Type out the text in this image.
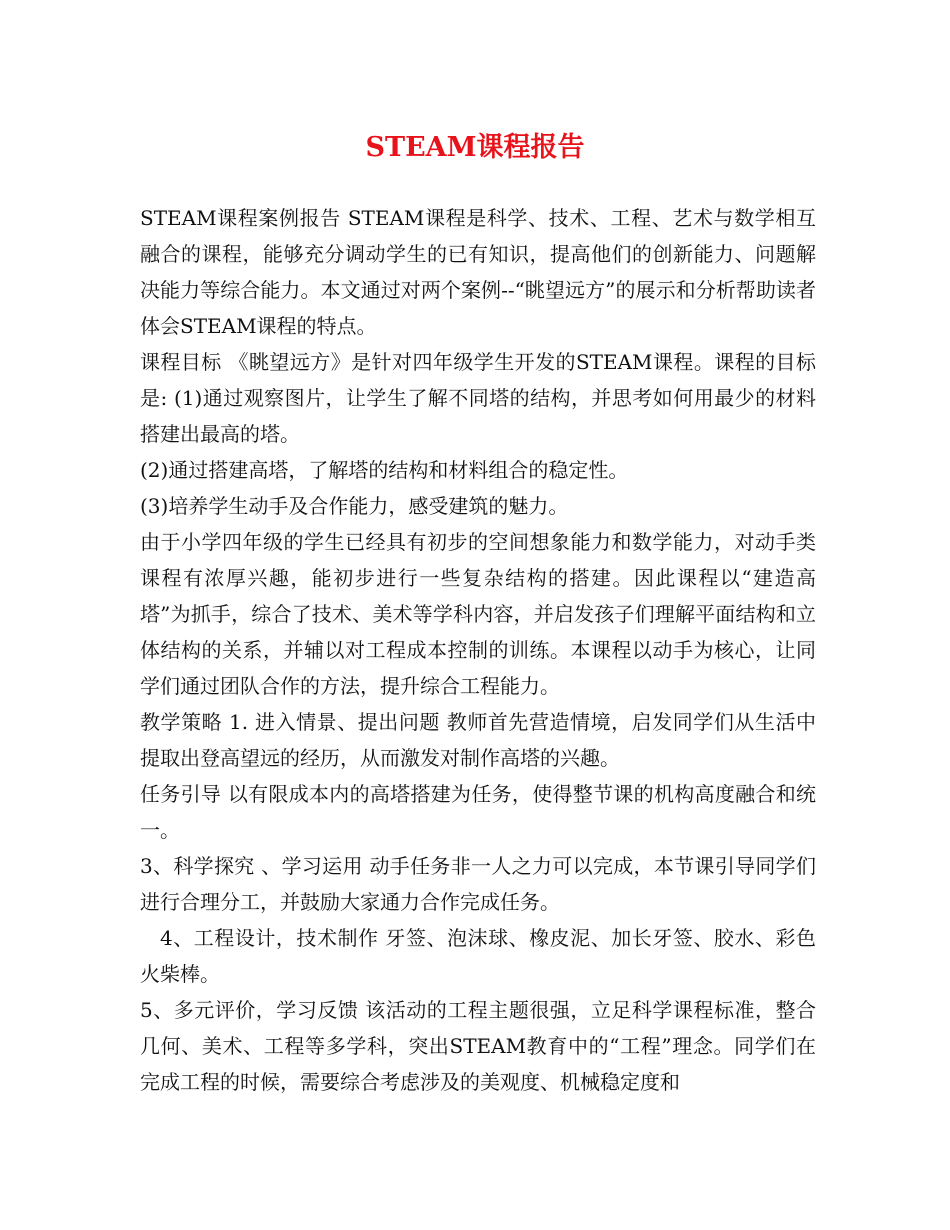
STEAM课程报告

STEAM课程案例报告 STEAM课程是科学、技术、工程、艺术与数学相互融合的课程，能够充分调动学生的已有知识，提高他们的创新能力、问题解决能力等综合能力。本文通过对两个案例--“眺望远方”的展示和分析帮助读者体会STEAM课程的特点。

课程目标 《眺望远方》是针对四年级学生开发的STEAM课程。课程的目标是: (1)通过观察图片，让学生了解不同塔的结构，并思考如何用最少的材料搭建出最高的塔。

(2)通过搭建高塔，了解塔的结构和材料组合的稳定性。

(3)培养学生动手及合作能力，感受建筑的魅力。

由于小学四年级的学生已经具有初步的空间想象能力和数学能力，对动手类课程有浓厚兴趣，能初步进行一些复杂结构的搭建。因此课程以“建造高塔”为抓手，综合了技术、美术等学科内容，并启发孩子们理解平面结构和立体结构的关系，并辅以对工程成本控制的训练。本课程以动手为核心，让同学们通过团队合作的方法，提升综合工程能力。

教学策略 1. 进入情景、提出问题 教师首先营造情境，启发同学们从生活中提取出登高望远的经历，从而激发对制作高塔的兴趣。

任务引导 以有限成本内的高塔搭建为任务，使得整节课的机构高度融合和统一。

3、科学探究 、学习运用 动手任务非一人之力可以完成，本节课引导同学们进行合理分工，并鼓励大家通力合作完成任务。

4、工程设计，技术制作 牙签、泡沫球、橡皮泥、加长牙签、胶水、彩色火柴棒。

5、多元评价，学习反馈 该活动的工程主题很强，立足科学课程标准，整合几何、美术、工程等多学科，突出STEAM教育中的“工程”理念。同学们在完成工程的时候，需要综合考虑涉及的美观度、机械稳定度和
